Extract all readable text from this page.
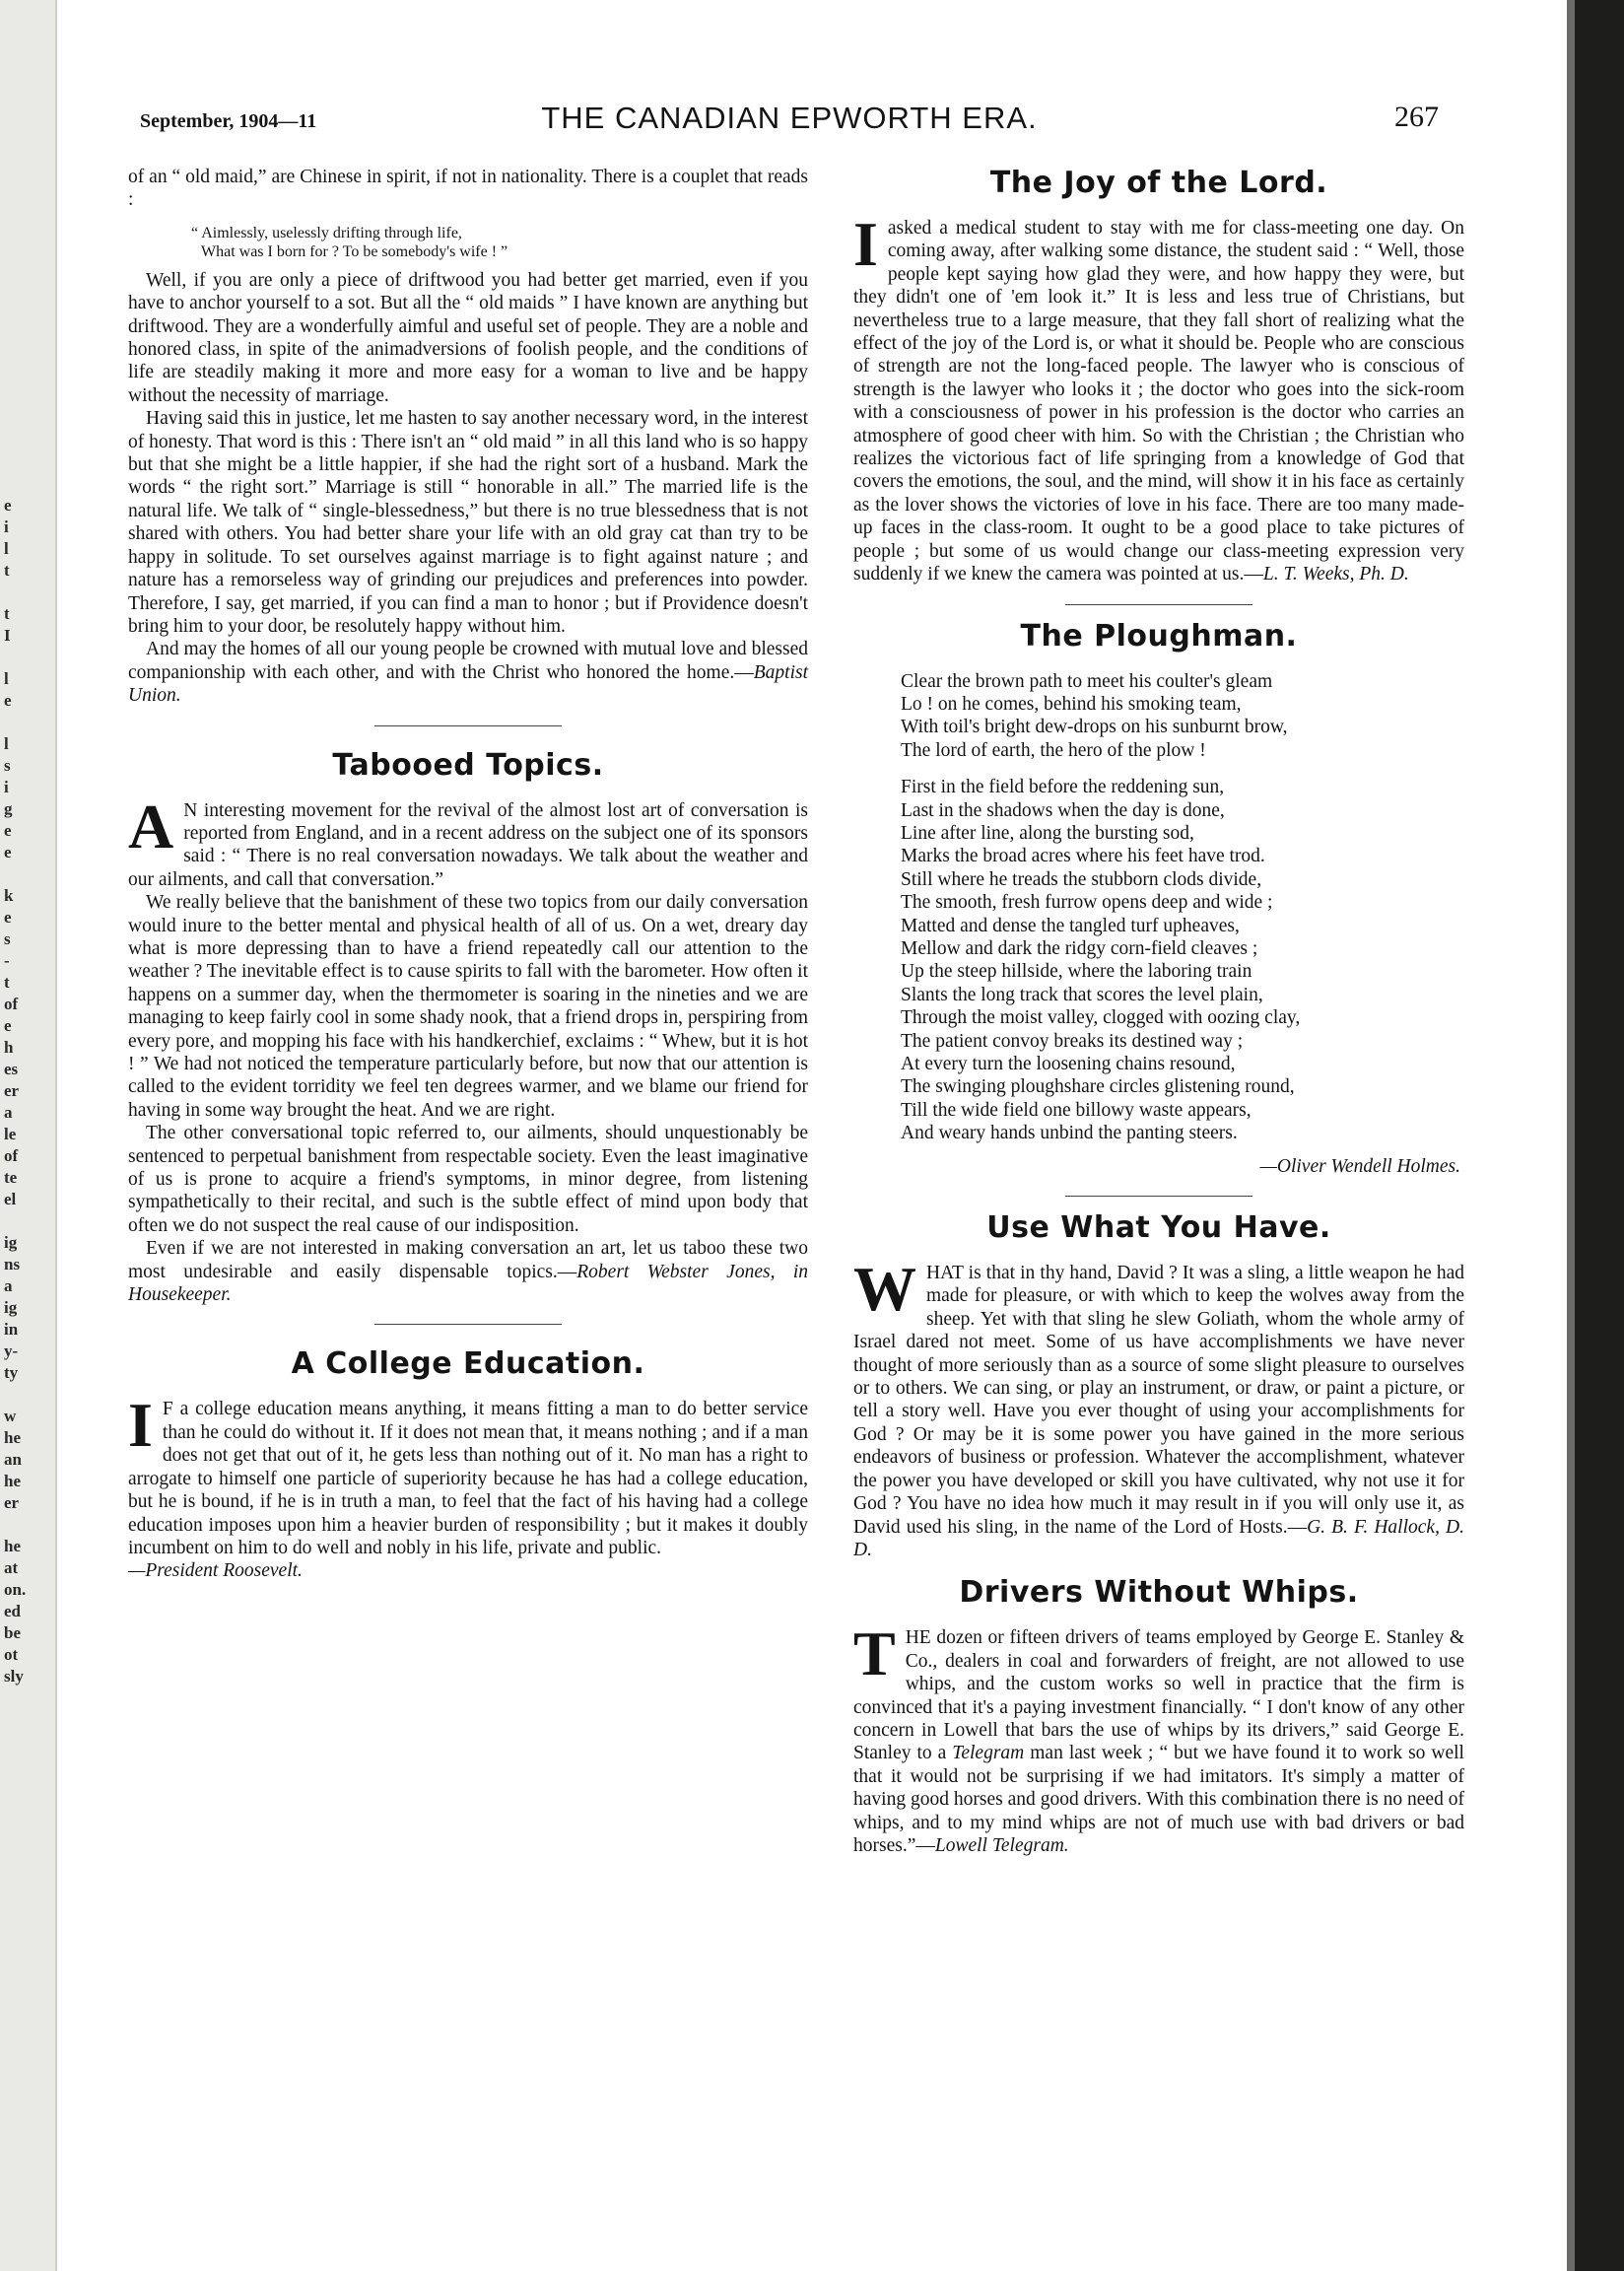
e
i
l
t
t
I
l
e
l
s
i
g
e
e
k
e
s
-
t
of
e
h
es
er
a
le
of
te
el
ig
ns
a
ig
in
y-
ty
w
he
an
he
er
he
at
on.
ed
be
ot
sly
September, 1904—11	THE CANADIAN EPWORTH ERA.	267

of an “ old maid,” are Chinese in spirit, if not in nationality. There is a couplet that reads :

“ Aimlessly, uselessly drifting through life,
What was I born for ? To be somebody's wife ! ”

Well, if you are only a piece of driftwood you had better get married, even if you have to anchor yourself to a sot. But all the “ old maids ” I have known are anything but driftwood. They are a wonderfully aimful and useful set of people. They are a noble and honored class, in spite of the animadversions of foolish people, and the conditions of life are steadily making it more and more easy for a woman to live and be happy without the necessity of marriage.

Having said this in justice, let me hasten to say another necessary word, in the interest of honesty. That word is this : There isn't an “ old maid ” in all this land who is so happy but that she might be a little happier, if she had the right sort of a husband. Mark the words “ the right sort.” Marriage is still “ honorable in all.” The married life is the natural life. We talk of “ single-blessedness,” but there is no true blessedness that is not shared with others. You had better share your life with an old gray cat than try to be happy in solitude. To set ourselves against marriage is to fight against nature ; and nature has a remorseless way of grinding our prejudices and preferences into powder. Therefore, I say, get married, if you can find a man to honor ; but if Providence doesn't bring him to your door, be resolutely happy without him.

And may the homes of all our young people be crowned with mutual love and blessed companionship with each other, and with the Christ who honored the home.—Baptist Union.

Tabooed Topics.
A N interesting movement for the revival of the almost lost art of conversation is reported from England, and in a recent address on the subject one of its sponsors said : “ There is no real conversation nowadays. We talk about the weather and our ailments, and call that conversation.”

We really believe that the banishment of these two topics from our daily conversation would inure to the better mental and physical health of all of us. On a wet, dreary day what is more depressing than to have a friend repeatedly call our attention to the weather ? The inevitable effect is to cause spirits to fall with the barometer. How often it happens on a summer day, when the thermometer is soaring in the nineties and we are managing to keep fairly cool in some shady nook, that a friend drops in, perspiring from every pore, and mopping his face with his handkerchief, exclaims : “ Whew, but it is hot ! ” We had not noticed the temperature particularly before, but now that our attention is called to the evident torridity we feel ten degrees warmer, and we blame our friend for having in some way brought the heat. And we are right.

The other conversational topic referred to, our ailments, should unquestionably be sentenced to perpetual banishment from respectable society. Even the least imaginative of us is prone to acquire a friend's symptoms, in minor degree, from listening sympathetically to their recital, and such is the subtle effect of mind upon body that often we do not suspect the real cause of our indisposition.

Even if we are not interested in making conversation an art, let us taboo these two most undesirable and easily dispensable topics.—Robert Webster Jones, in Housekeeper.

A College Education.
I F a college education means anything, it means fitting a man to do better service than he could do without it. If it does not mean that, it means nothing ; and if a man does not get that out of it, he gets less than nothing out of it. No man has a right to arrogate to himself one particle of superiority because he has had a college education, but he is bound, if he is in truth a man, to feel that the fact of his having had a college education imposes upon him a heavier burden of responsibility ; but it makes it doubly incumbent on him to do well and nobly in his life, private and public.

—President Roosevelt.

The Joy of the Lord.
I asked a medical student to stay with me for class-meeting one day. On coming away, after walking some distance, the student said : “ Well, those people kept saying how glad they were, and how happy they were, but they didn't one of 'em look it.” It is less and less true of Christians, but nevertheless true to a large measure, that they fall short of realizing what the effect of the joy of the Lord is, or what it should be. People who are conscious of strength are not the long-faced people. The lawyer who is conscious of strength is the lawyer who looks it ; the doctor who goes into the sick-room with a consciousness of power in his profession is the doctor who carries an atmosphere of good cheer with him. So with the Christian ; the Christian who realizes the victorious fact of life springing from a knowledge of God that covers the emotions, the soul, and the mind, will show it in his face as certainly as the lover shows the victories of love in his face. There are too many made-up faces in the class-room. It ought to be a good place to take pictures of people ; but some of us would change our class-meeting expression very suddenly if we knew the camera was pointed at us.—L. T. Weeks, Ph. D.

The Ploughman.
Clear the brown path to meet his coulter's gleam
Lo ! on he comes, behind his smoking team,
With toil's bright dew-drops on his sunburnt brow,
The lord of earth, the hero of the plow !
First in the field before the reddening sun,
Last in the shadows when the day is done,
Line after line, along the bursting sod,
Marks the broad acres where his feet have trod.
Still where he treads the stubborn clods divide,
The smooth, fresh furrow opens deep and wide ;
Matted and dense the tangled turf upheaves,
Mellow and dark the ridgy corn-field cleaves ;
Up the steep hillside, where the laboring train
Slants the long track that scores the level plain,
Through the moist valley, clogged with oozing clay,
The patient convoy breaks its destined way ;
At every turn the loosening chains resound,
The swinging ploughshare circles glistening round,
Till the wide field one billowy waste appears,
And weary hands unbind the panting steers.
—Oliver Wendell Holmes.
Use What You Have.
W HAT is that in thy hand, David ? It was a sling, a little weapon he had made for pleasure, or with which to keep the wolves away from the sheep. Yet with that sling he slew Goliath, whom the whole army of Israel dared not meet. Some of us have accomplishments we have never thought of more seriously than as a source of some slight pleasure to ourselves or to others. We can sing, or play an instrument, or draw, or paint a picture, or tell a story well. Have you ever thought of using your accomplishments for God ? Or may be it is some power you have gained in the more serious endeavors of business or profession. Whatever the accomplishment, whatever the power you have developed or skill you have cultivated, why not use it for God ? You have no idea how much it may result in if you will only use it, as David used his sling, in the name of the Lord of Hosts.—G. B. F. Hallock, D. D.

Drivers Without Whips.
T HE dozen or fifteen drivers of teams employed by George E. Stanley & Co., dealers in coal and forwarders of freight, are not allowed to use whips, and the custom works so well in practice that the firm is convinced that it's a paying investment financially. “ I don't know of any other concern in Lowell that bars the use of whips by its drivers,” said George E. Stanley to a Telegram man last week ; “ but we have found it to work so well that it would not be surprising if we had imitators. It's simply a matter of having good horses and good drivers. With this combination there is no need of whips, and to my mind whips are not of much use with bad drivers or bad horses.”—Lowell Telegram.
